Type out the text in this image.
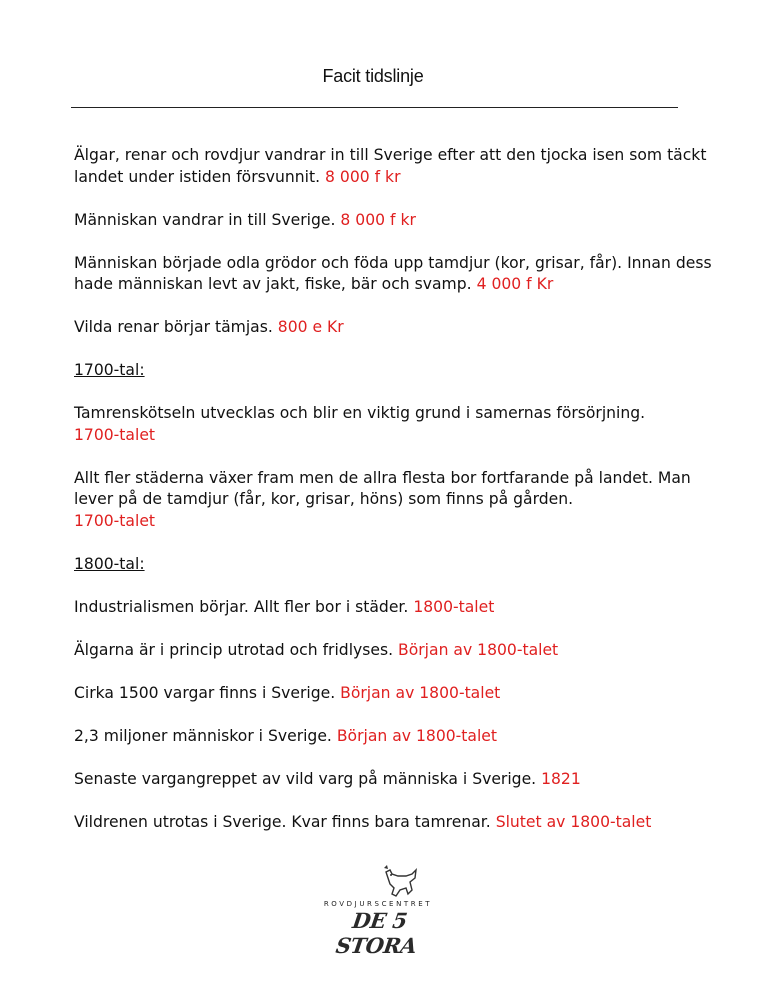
Facit tidslinje

Älgar, renar och rovdjur vandrar in till Sverige efter att den tjocka isen som täckt landet under istiden försvunnit. 8 000 f kr

Människan vandrar in till Sverige. 8 000 f kr

Människan började odla grödor och föda upp tamdjur (kor, grisar, får). Innan dess hade människan levt av jakt, fiske, bär och svamp. 4 000 f Kr

Vilda renar börjar tämjas. 800 e Kr

1700-tal:

Tamrenskötseln utvecklas och blir en viktig grund i samernas försörjning.
1700-talet

Allt fler städerna växer fram men de allra flesta bor fortfarande på landet. Man lever på de tamdjur (får, kor, grisar, höns) som finns på gården.
1700-talet

1800-tal:

Industrialismen börjar. Allt fler bor i städer. 1800-talet

Älgarna är i princip utrotad och fridlyses. Början av 1800-talet

Cirka 1500 vargar finns i Sverige. Början av 1800-talet

2,3 miljoner människor i Sverige. Början av 1800-talet

Senaste vargangreppet av vild varg på människa i Sverige. 1821

Vildrenen utrotas i Sverige. Kvar finns bara tamrenar. Slutet av 1800-talet

ROVDJURSCENTRET
DE 5 STORA
